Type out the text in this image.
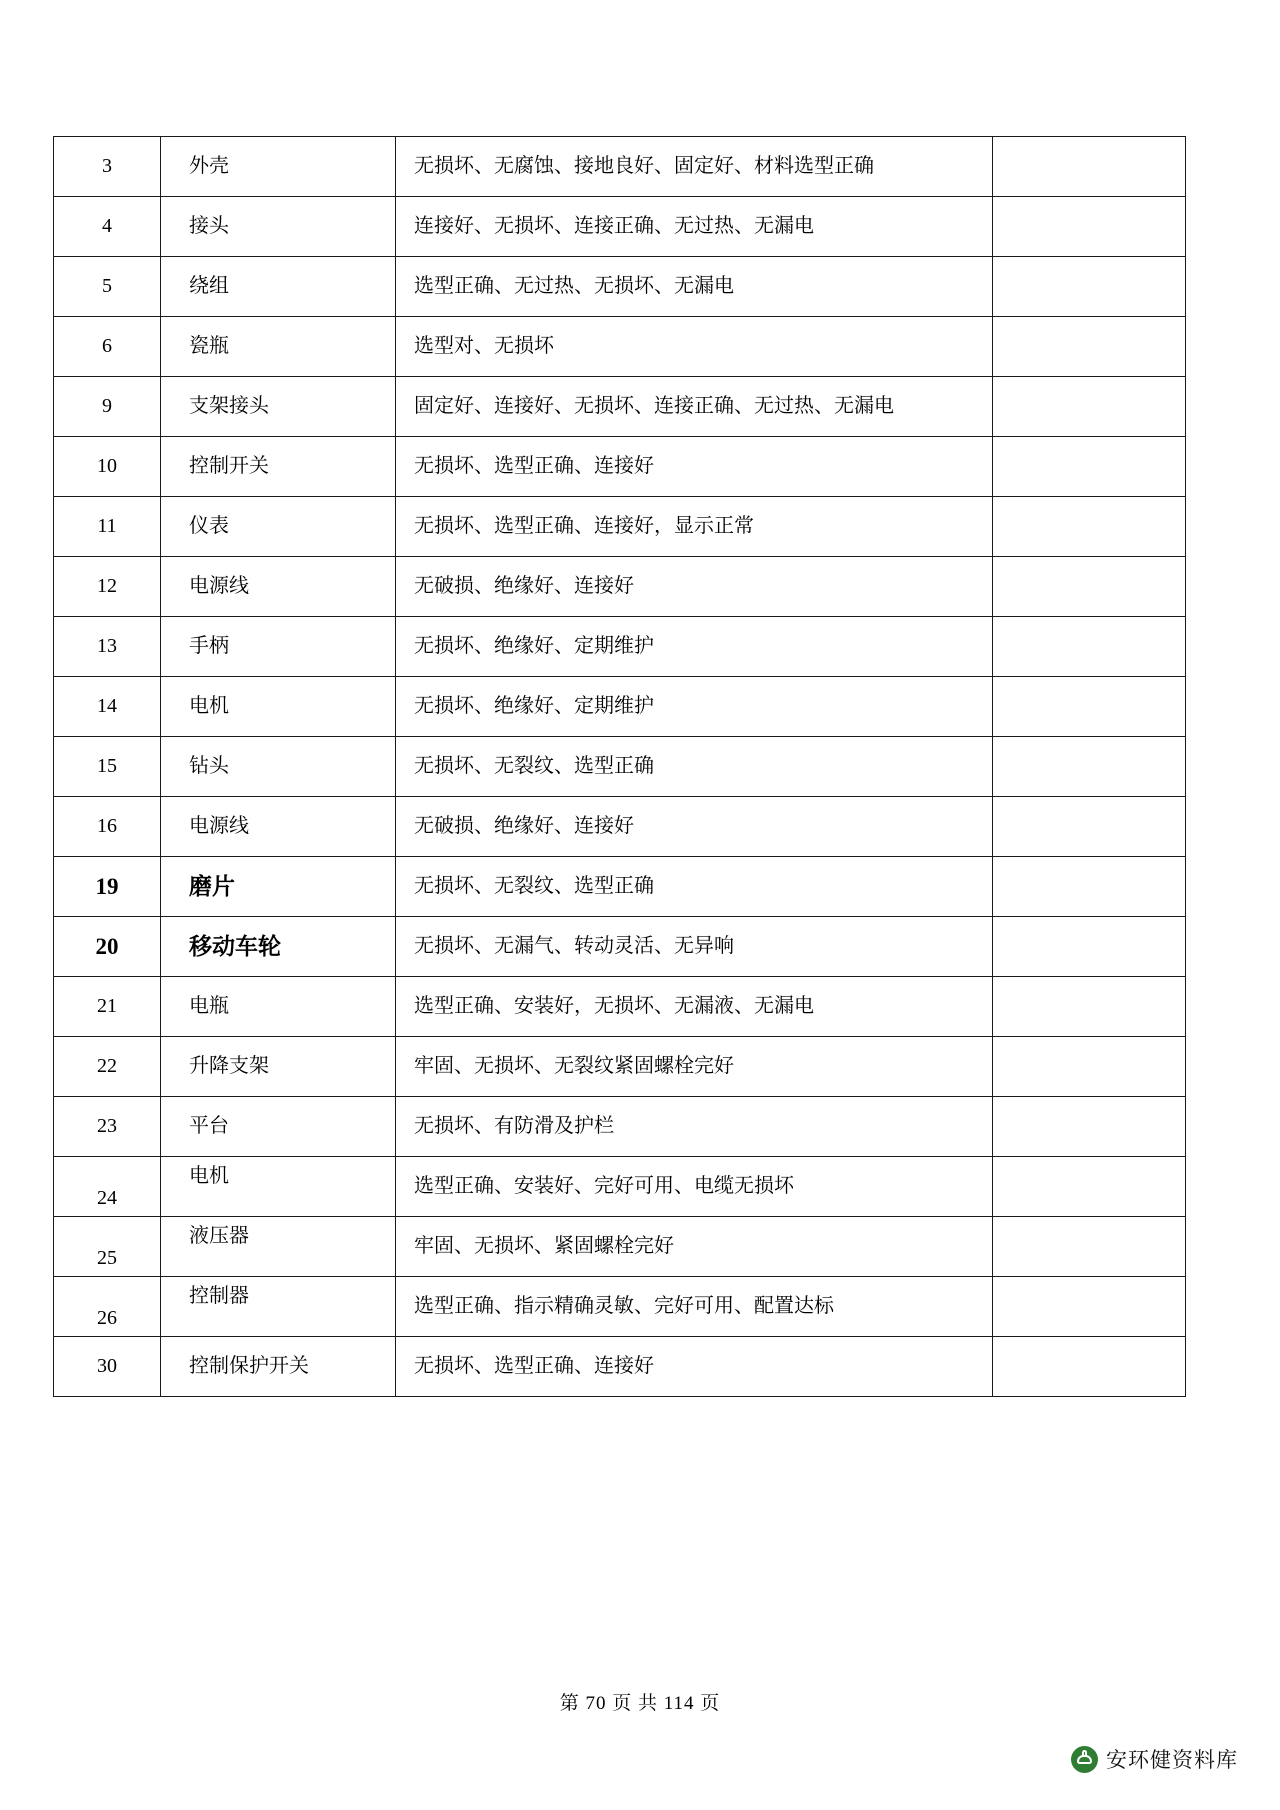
3	外壳	无损坏、无腐蚀、接地良好、固定好、材料选型正确	
4	接头	连接好、无损坏、连接正确、无过热、无漏电	
5	绕组	选型正确、无过热、无损坏、无漏电	
6	瓷瓶	选型对、无损坏	
9	支架接头	固定好、连接好、无损坏、连接正确、无过热、无漏电	
10	控制开关	无损坏、选型正确、连接好	
11	仪表	无损坏、选型正确、连接好，显示正常	
12	电源线	无破损、绝缘好、连接好	
13	手柄	无损坏、绝缘好、定期维护	
14	电机	无损坏、绝缘好、定期维护	
15	钻头	无损坏、无裂纹、选型正确	
16	电源线	无破损、绝缘好、连接好	
19	磨片	无损坏、无裂纹、选型正确	
20	移动车轮	无损坏、无漏气、转动灵活、无异响	
21	电瓶	选型正确、安装好，无损坏、无漏液、无漏电	
22	升降支架	牢固、无损坏、无裂纹紧固螺栓完好	
23	平台	无损坏、有防滑及护栏	
24	电机	选型正确、安装好、完好可用、电缆无损坏	
25	液压器	牢固、无损坏、紧固螺栓完好	
26	控制器	选型正确、指示精确灵敏、完好可用、配置达标	
30	控制保护开关	无损坏、选型正确、连接好	
第 70 页 共 114 页
安环健资料库
